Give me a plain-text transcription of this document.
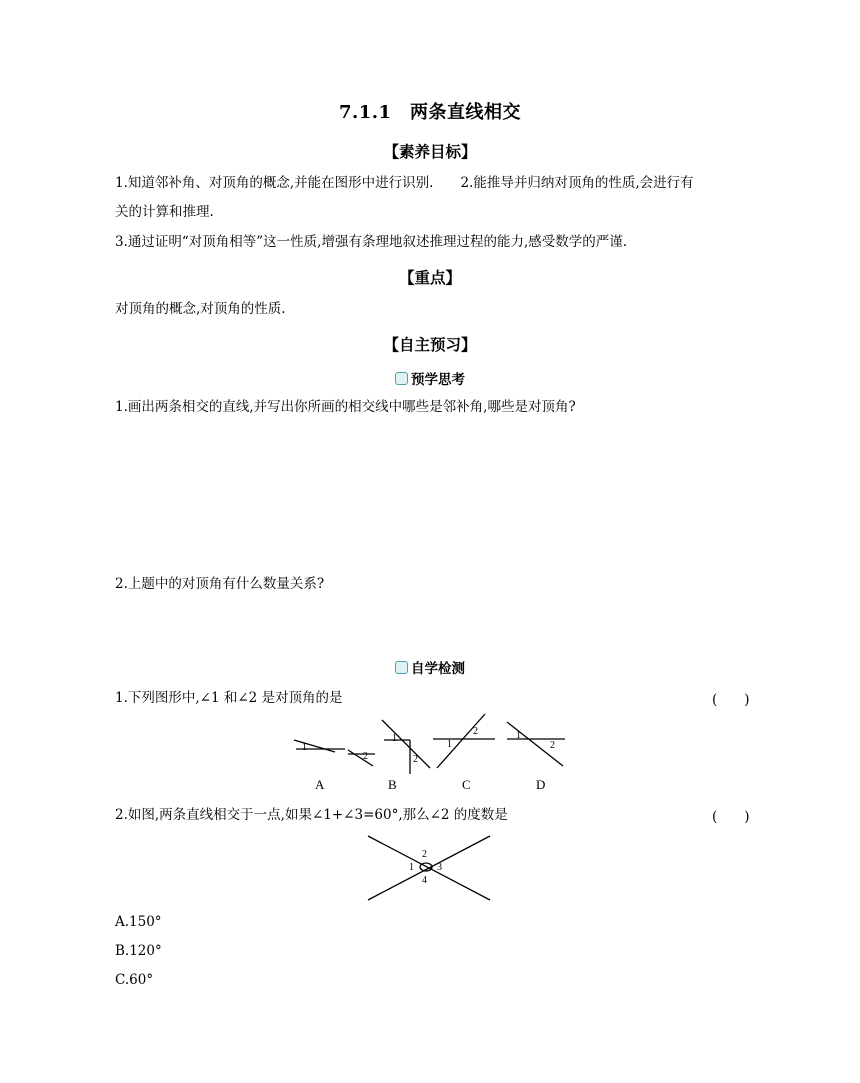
7.1.1　两条直线相交
【素养目标】
1.知道邻补角、对顶角的概念,并能在图形中进行识别.　　2.能推导并归纳对顶角的性质,会进行有
关的计算和推理.
3.通过证明“对顶角相等”这一性质,增强有条理地叙述推理过程的能力,感受数学的严谨.
【重点】
对顶角的概念,对顶角的性质.
【自主预习】
预学思考
1.画出两条相交的直线,并写出你所画的相交线中哪些是邻补角,哪些是对顶角?
2.上题中的对顶角有什么数量关系?
自学检测
1.下列图形中,∠1 和∠2 是对顶角的是	(　　)
1
2
1
2
1
2	1
2
A	B	C	D
2.如图,两条直线相交于一点,如果∠1+∠3=60°,那么∠2 的度数是	(　　)
1
2
3
4
A.150°
B.120°
C.60°
